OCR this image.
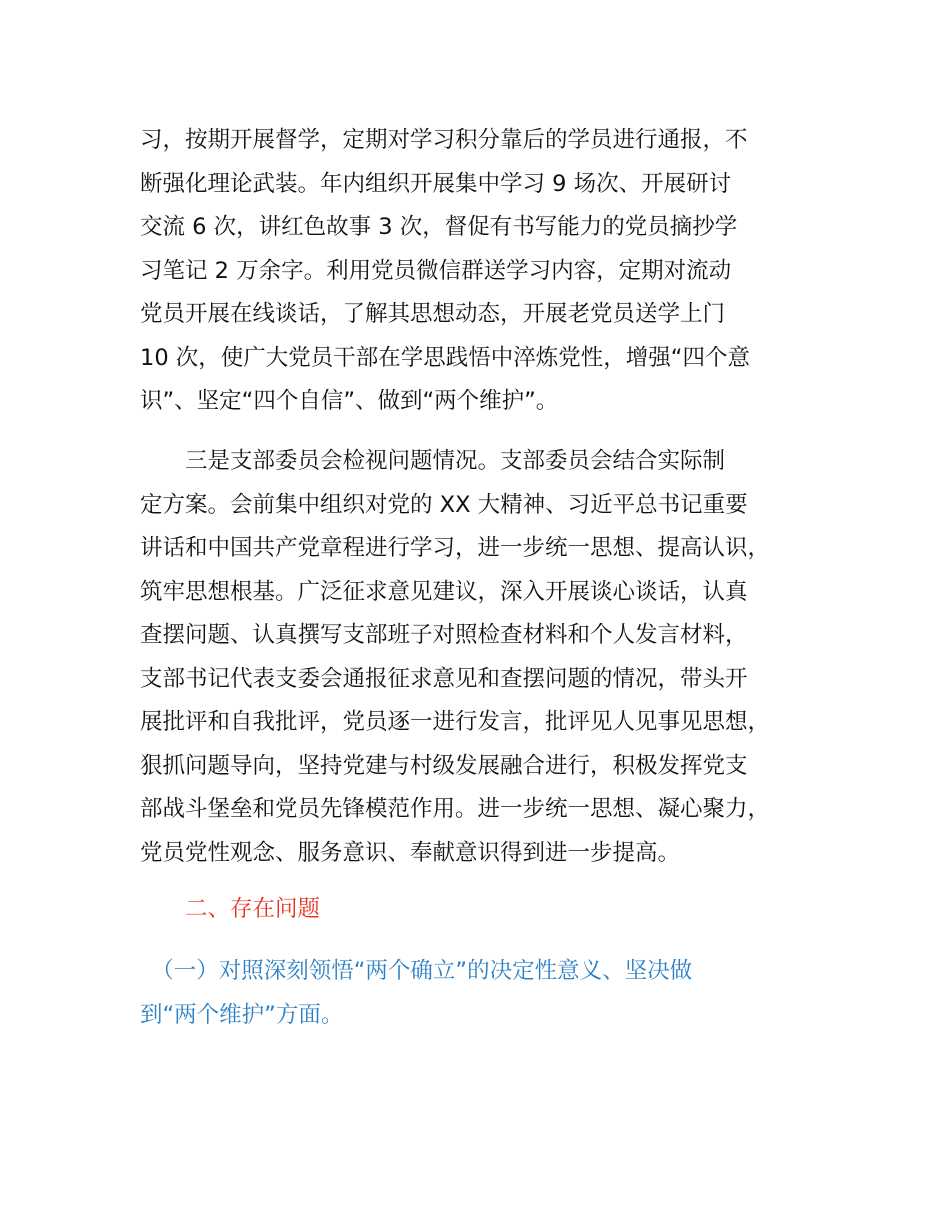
习，按期开展督学，定期对学习积分靠后的学员进行通报，不
断强化理论武装。年内组织开展集中学习 9 场次、开展研讨
交流 6 次，讲红色故事 3 次，督促有书写能力的党员摘抄学
习笔记 2 万余字。利用党员微信群送学习内容，定期对流动
党员开展在线谈话，了解其思想动态，开展老党员送学上门
10 次，使广大党员干部在学思践悟中淬炼党性，增强“四个意
识”、坚定“四个自信”、做到“两个维护”。
　　三是支部委员会检视问题情况。支部委员会结合实际制
定方案。会前集中组织对党的 XX 大精神、习近平总书记重要
讲话和中国共产党章程进行学习，进一步统一思想、提高认识，
筑牢思想根基。广泛征求意见建议，深入开展谈心谈话，认真
查摆问题、认真撰写支部班子对照检查材料和个人发言材料，
支部书记代表支委会通报征求意见和查摆问题的情况，带头开
展批评和自我批评，党员逐一进行发言，批评见人见事见思想，
狠抓问题导向，坚持党建与村级发展融合进行，积极发挥党支
部战斗堡垒和党员先锋模范作用。进一步统一思想、凝心聚力，
党员党性观念、服务意识、奉献意识得到进一步提高。
　　二、存在问题
　（一）对照深刻领悟“两个确立”的决定性意义、坚决做
到“两个维护”方面。
